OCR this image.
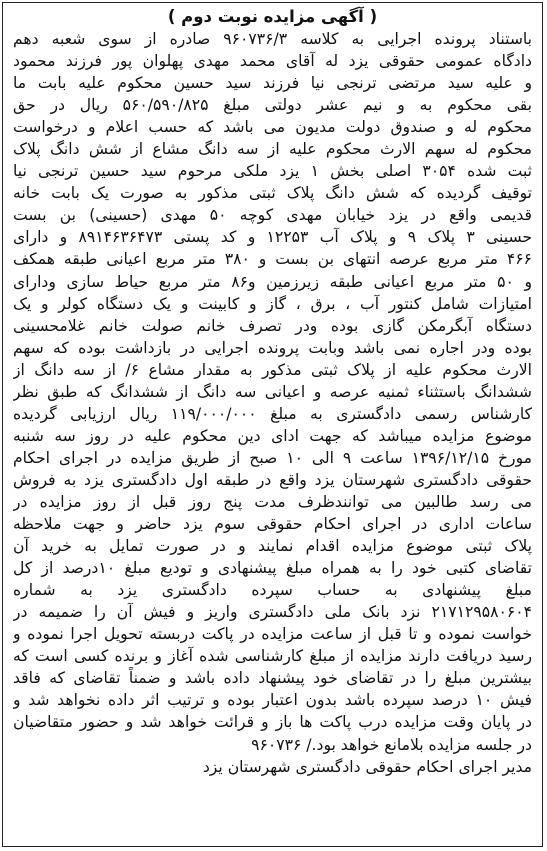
( آگهی مزایده نوبت دوم )
باستناد پرونده اجرایی به کلاسه ۹۶۰۷۳۶/۳ صادره از سوی شعبه دهم
دادگاه عمومی حقوقی یزد له آقای محمد مهدی پهلوان پور فرزند محمود
و علیه سید مرتضی ترنجی نیا فرزند سید حسین محکوم علیه بابت ما
بقی محکوم به و نیم عشر دولتی مبلغ ۵۶۰/۵۹۰/۸۲۵ ریال در حق
محکوم له و صندوق دولت مدیون می باشد که حسب اعلام و درخواست
محکوم له سهم الارث محکوم علیه از سه دانگ مشاع از شش دانگ پلاک
ثبت شده ۳۰۵۴ اصلی بخش ۱ یزد ملکی مرحوم سید حسین ترنجی نیا
توقیف گردیده که شش دانگ پلاک ثبتی مذکور به صورت یک بابت خانه
قدیمی واقع در یزد خیابان مهدی کوچه ۵۰ مهدی (حسینی) بن بست
حسینی ۳ پلاک ۹ و پلاک آب ۱۲۲۵۳ و کد پستی ۸۹۱۴۶۳۶۴۷۳ و دارای
۴۶۶ متر مربع عرصه انتهای بن بست و ۳۸۰ متر مربع اعیانی طبقه همکف
و ۵۰ متر مربع اعیانی طبقه زیرزمین و۸۶ متر مربع حیاط سازی ودارای
امتیازات شامل کنتور آب ، برق ، گاز و کابینت و یک دستگاه کولر و یک
دستگاه آبگرمکن گازی بوده ودر تصرف خانم صولت خانم غلامحسینی
بوده ودر اجاره نمی باشد وبابت پرونده اجرایی در بازداشت بوده که سهم
الارث محکوم علیه از پلاک ثبتی مذکور به مقدار مشاع ۶/ از سه دانگ از
ششدانگ باستثناء ثمنیه عرصه و اعیانی سه دانگ از ششدانگ که طبق نظر
کارشناس رسمی دادگستری به مبلغ ۱۱۹/۰۰۰/۰۰۰ ریال ارزیابی گردیده
موضوع مزایده میباشد که جهت ادای دین محکوم علیه در روز سه شنبه
مورخ ۱۳۹۶/۱۲/۱۵ ساعت ۹ الی ۱۰ صبح از طریق مزایده در اجرای احکام
حقوقی دادگستری شهرستان یزد واقع در طبقه اول دادگستری یزد به فروش
می رسد طالبین می توانندظرف مدت پنج روز قبل از روز مزایده در
ساعات اداری در اجرای احکام حقوقی سوم یزد حاضر و جهت ملاحظه
پلاک ثبتی موضوع مزایده اقدام نمایند و در صورت تمایل به خرید آن
تقاضای کتبی خود را به همراه مبلغ پیشنهادی و تودیع مبلغ ۱۰درصد از کل
مبلغ پیشنهادی به حساب سپرده دادگستری یزد به شماره
۲۱۷۱۲۹۵۸۰۶۰۴ نزد بانک ملی دادگستری واریز و فیش آن را ضمیمه در
خواست نموده و تا قبل از ساعت مزایده در پاکت دربسته تحویل اجرا نموده و
رسید دریافت دارند مزایده از مبلغ کارشناسی شده آغاز و برنده کسی است که
بیشترین مبلغ را در تقاضای خود پیشنهاد داده باشد و ضمناً تقاضای که فاقد
فیش ۱۰ درصد سپرده باشد بدون اعتبار بوده و ترتیب اثر داده نخواهد شد و
در پایان وقت مزایده درب پاکت ها باز و قرائت خواهد شد و حضور متقاضیان
در جلسه مزایده بلامانع خواهد بود./ ۹۶۰۷۳۶
مدیر اجرای احکام حقوقی دادگستری شهرستان یزد
